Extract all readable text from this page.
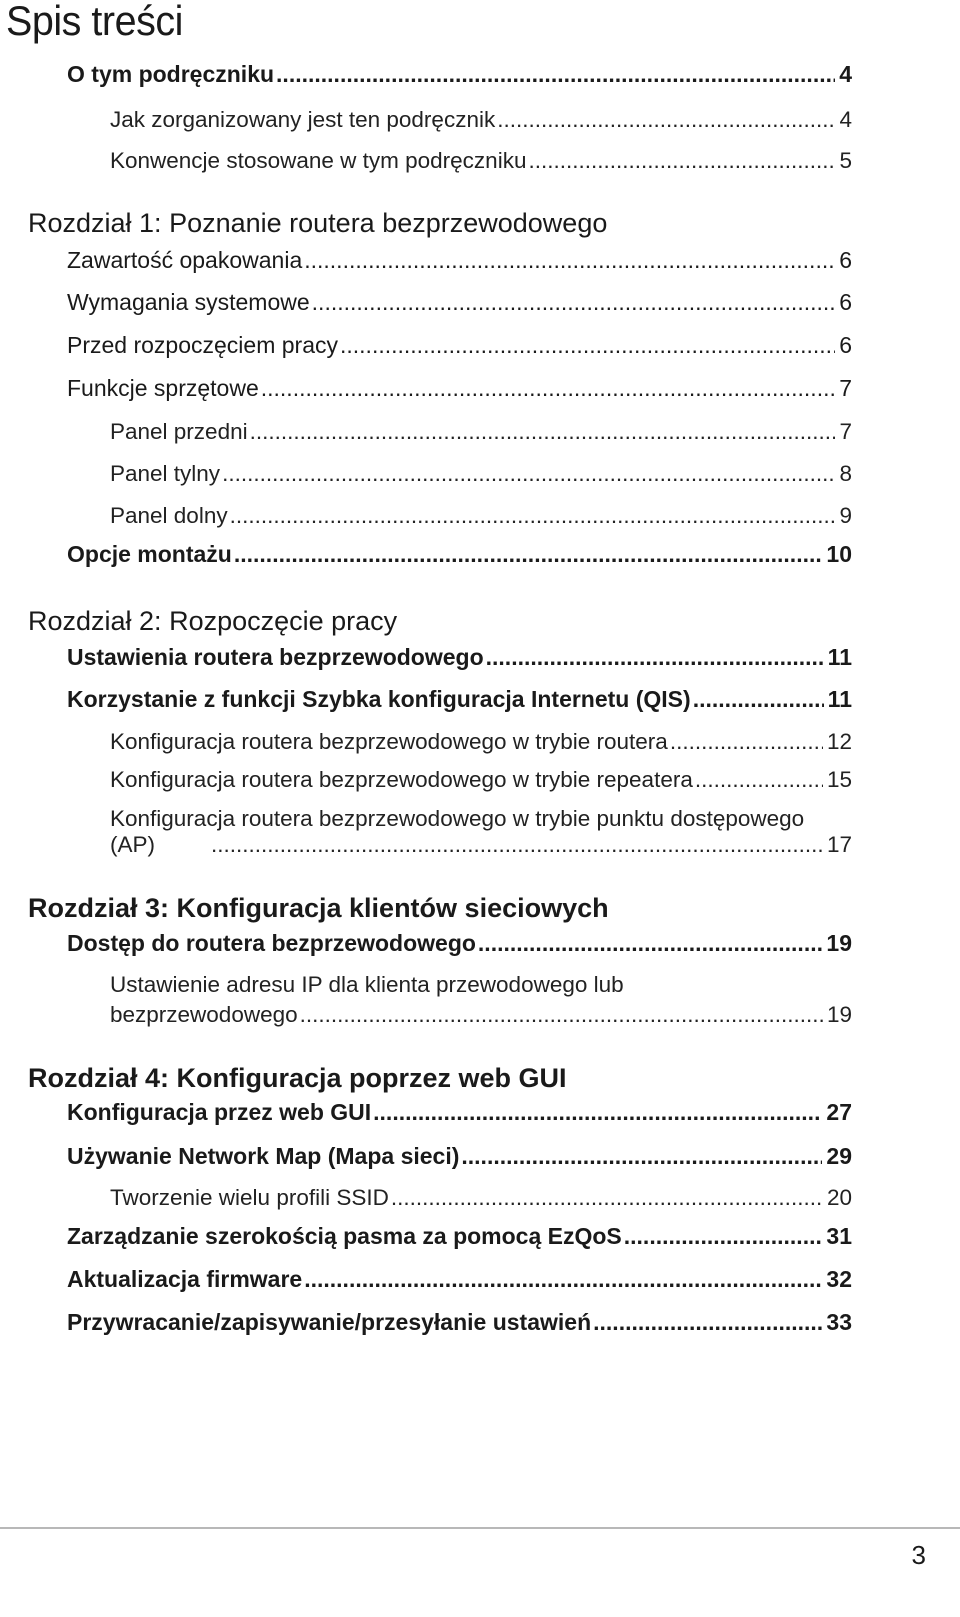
Spis treści
O tym podręczniku .....	4
Jak zorganizowany jest ten podręcznik .....	4
Konwencje stosowane w tym podręczniku .....	5
Rozdział 1: Poznanie routera bezprzewodowego
Zawartość opakowania .....	6
Wymagania systemowe .....	6
Przed rozpoczęciem pracy .....	6
Funkcje sprzętowe .....	7
Panel przedni .....	7
Panel tylny .....	8
Panel dolny .....	9
Opcje montażu .....	10
Rozdział 2: Rozpoczęcie pracy
Ustawienia routera bezprzewodowego .....	11
Korzystanie z funkcji Szybka konfiguracja Internetu (QIS) .....	11
Konfiguracja routera bezprzewodowego w trybie routera .....	12
Konfiguracja routera bezprzewodowego w trybie repeatera .....	15
Konfiguracja routera bezprzewodowego w trybie punktu dostępowego
(AP) .....	17
Rozdział 3: Konfiguracja klientów sieciowych
Dostęp do routera bezprzewodowego .....	19
Ustawienie adresu IP dla klienta przewodowego lub
bezprzewodowego .....	19
Rozdział 4: Konfiguracja poprzez web GUI
Konfiguracja przez web GUI .....	27
Używanie Network Map (Mapa sieci) .....	29
Tworzenie wielu profili SSID .....	20
Zarządzanie szerokością pasma za pomocą EzQoS .....	31
Aktualizacja firmware .....	32
Przywracanie/zapisywanie/przesyłanie ustawień .....	33
3
